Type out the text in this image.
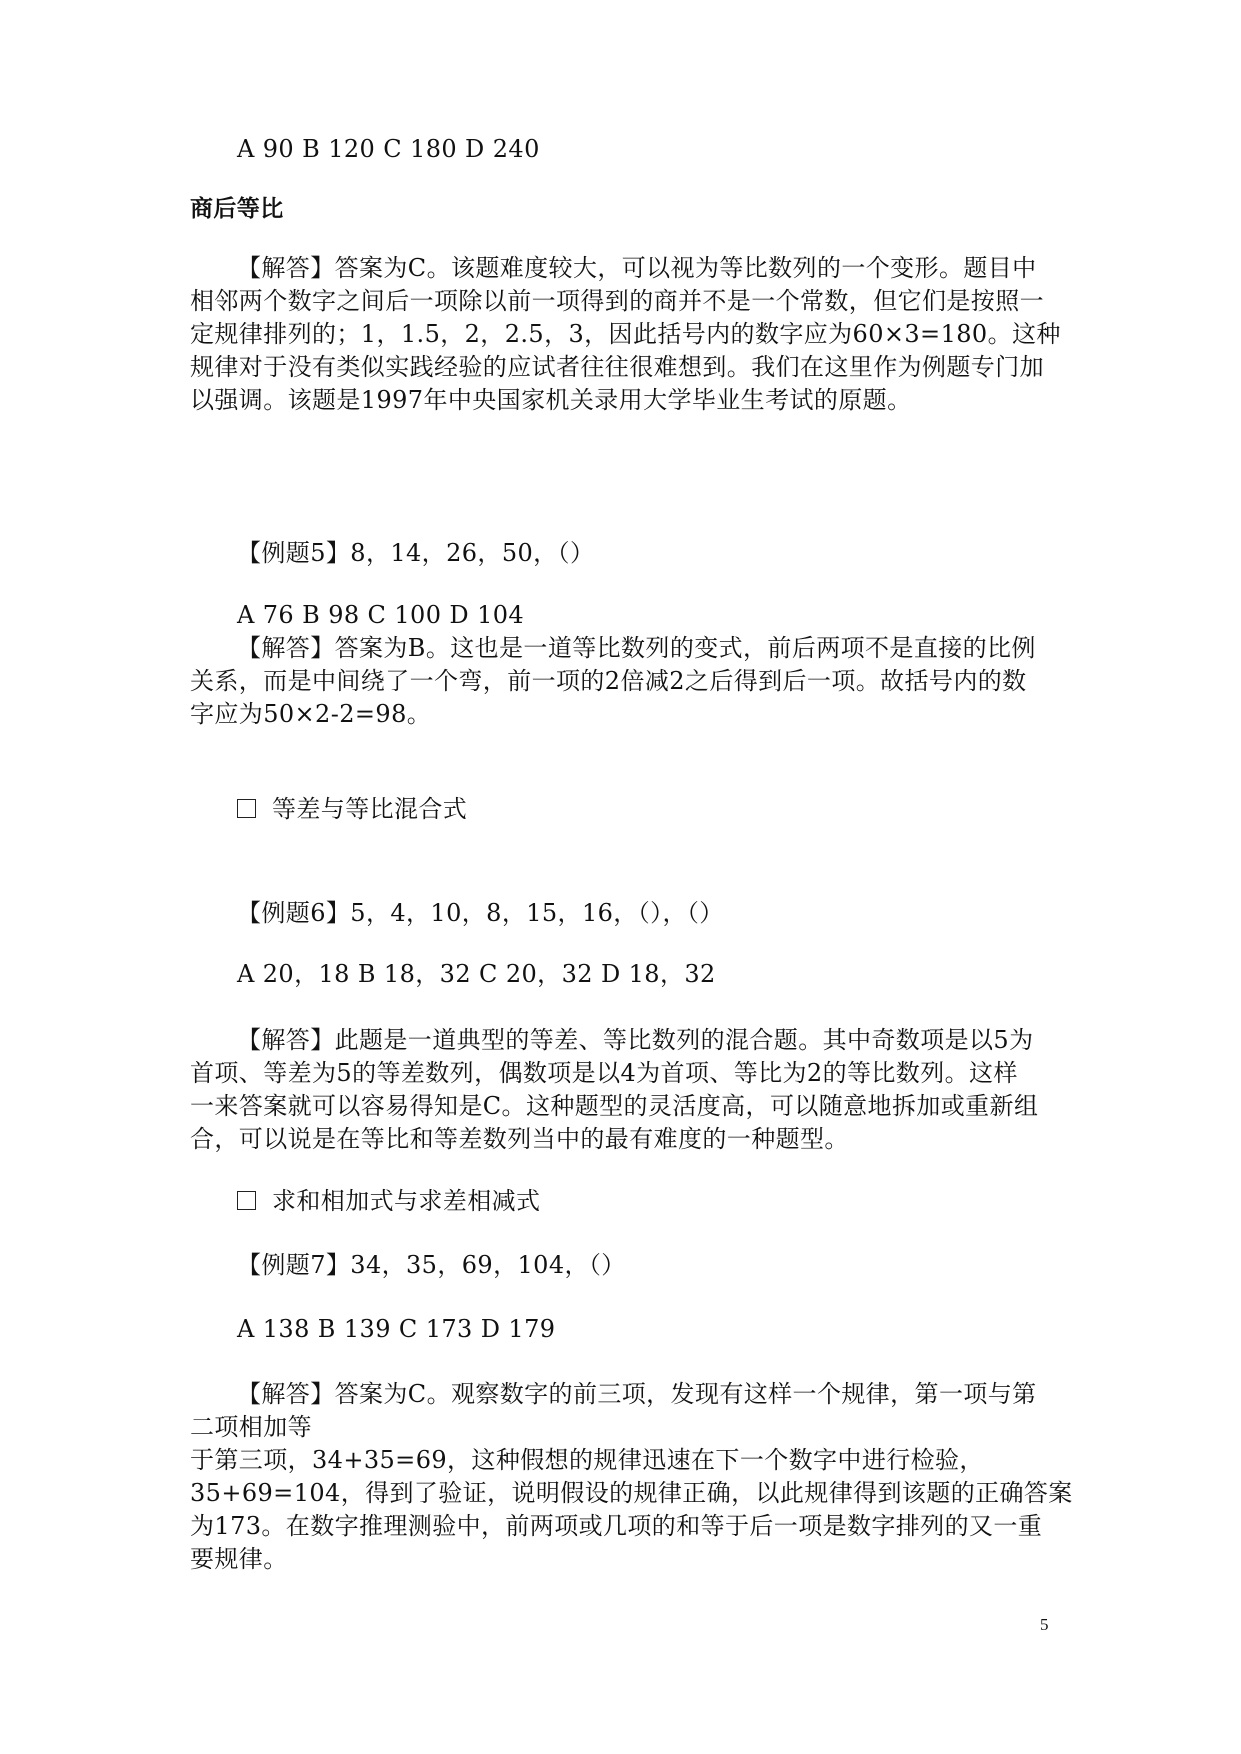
A 90 B 120 C 180 D 240
商后等比
【解答】答案为C。该题难度较大，可以视为等比数列的一个变形。题目中
相邻两个数字之间后一项除以前一项得到的商并不是一个常数，但它们是按照一
定规律排列的；1，1.5，2，2.5，3，因此括号内的数字应为60×3=180。这种
规律对于没有类似实践经验的应试者往往很难想到。我们在这里作为例题专门加
以强调。该题是1997年中央国家机关录用大学毕业生考试的原题。
【例题5】8，14，26，50，（）
A 76 B 98 C 100 D 104
【解答】答案为B。这也是一道等比数列的变式，前后两项不是直接的比例
关系，而是中间绕了一个弯，前一项的2倍减2之后得到后一项。故括号内的数
字应为50×2-2=98。
等差与等比混合式
【例题6】5，4，10，8，15，16，（），（）
A 20，18 B 18，32 C 20，32 D 18，32
【解答】此题是一道典型的等差、等比数列的混合题。其中奇数项是以5为
首项、等差为5的等差数列，偶数项是以4为首项、等比为2的等比数列。这样
一来答案就可以容易得知是C。这种题型的灵活度高，可以随意地拆加或重新组
合，可以说是在等比和等差数列当中的最有难度的一种题型。
求和相加式与求差相减式
【例题7】34，35，69，104，（）
A 138 B 139 C 173 D 179
【解答】答案为C。观察数字的前三项，发现有这样一个规律，第一项与第
二项相加等
于第三项，34+35=69，这种假想的规律迅速在下一个数字中进行检验，
35+69=104，得到了验证，说明假设的规律正确，以此规律得到该题的正确答案
为173。在数字推理测验中，前两项或几项的和等于后一项是数字排列的又一重
要规律。
5
